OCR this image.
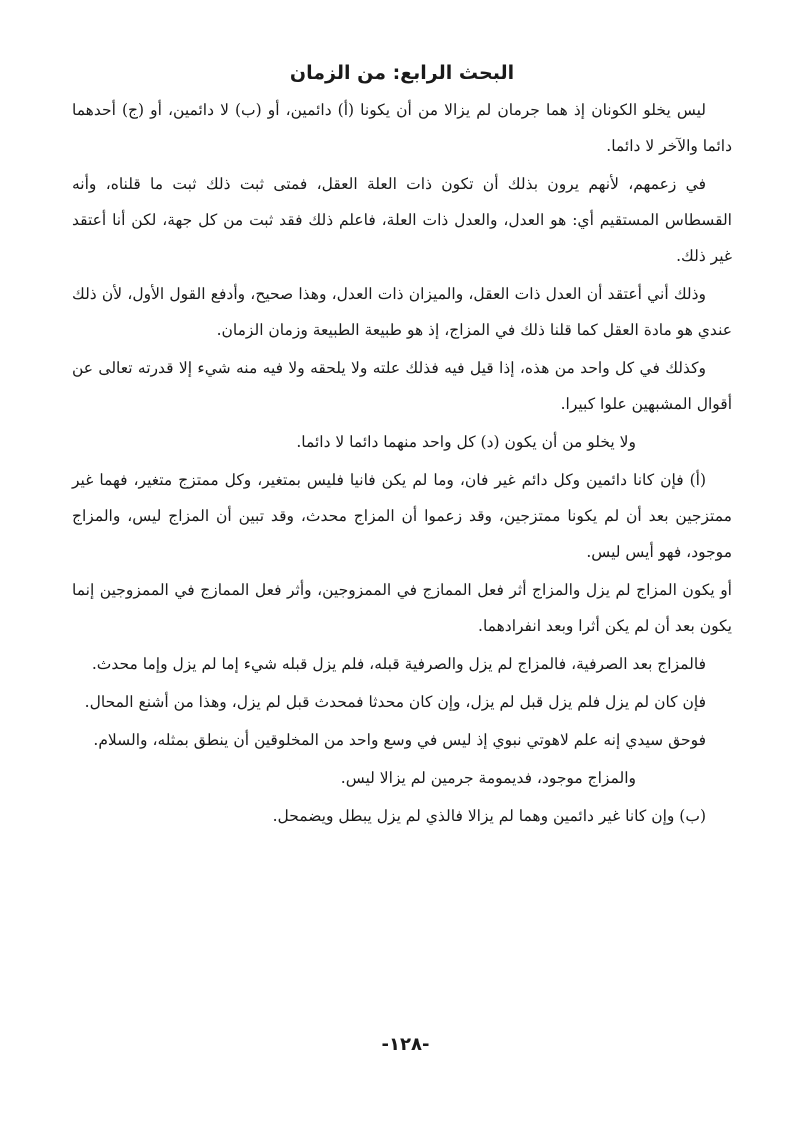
البحث الرابع: من الزمان

ليس يخلو الكونان إذ هما جرمان لم يزالا من أن يكونا (أ) دائمين، أو (ب) لا دائمين، أو (ج) أحدهما دائما والآخر لا دائما.

في زعمهم، لأنهم يرون بذلك أن تكون ذات العلة العقل، فمتى ثبت ذلك ثبت ما قلناه، وأنه القسطاس المستقيم أي: هو العدل، والعدل ذات العلة، فاعلم ذلك فقد ثبت من كل جهة، لكن أنا أعتقد غير ذلك.

وذلك أني أعتقد أن العدل ذات العقل، والميزان ذات العدل، وهذا صحيح، وأدفع القول الأول، لأن ذلك عندي هو مادة العقل كما قلنا ذلك في المزاج، إذ هو طبيعة الطبيعة وزمان الزمان.

وكذلك في كل واحد من هذه، إذا قيل فيه فذلك علته ولا يلحقه ولا فيه منه شيء إلا قدرته تعالى عن أقوال المشبهين علوا كبيرا.

ولا يخلو من أن يكون (د) كل واحد منهما دائما لا دائما.

(أ) فإن كانا دائمين وكل دائم غير فان، وما لم يكن فانيا فليس بمتغير، وكل ممتزج متغير، فهما غير ممتزجين بعد أن لم يكونا ممتزجين، وقد زعموا أن المزاج محدث، وقد تبين أن المزاج ليس، والمزاج موجود، فهو أيس ليس.

أو يكون المزاج لم يزل والمزاج أثر فعل الممازج في الممزوجين، وأثر فعل الممازج في الممزوجين إنما يكون بعد أن لم يكن أثرا وبعد انفرادهما.

فالمزاج بعد الصرفية، فالمزاج لم يزل والصرفية قبله، فلم يزل قبله شيء إما لم يزل وإما محدث.

فإن كان لم يزل فلم يزل قبل لم يزل، وإن كان محدثا فمحدث قبل لم يزل، وهذا من أشنع المحال.

فوحق سيدي إنه علم لاهوتي نبوي إذ ليس في وسع واحد من المخلوقين أن ينطق بمثله، والسلام.

والمزاج موجود، فديمومة جرمين لم يزالا ليس.

(ب) وإن كانا غير دائمين وهما لم يزالا فالذي لم يزل يبطل ويضمحل.

-١٢٨-
